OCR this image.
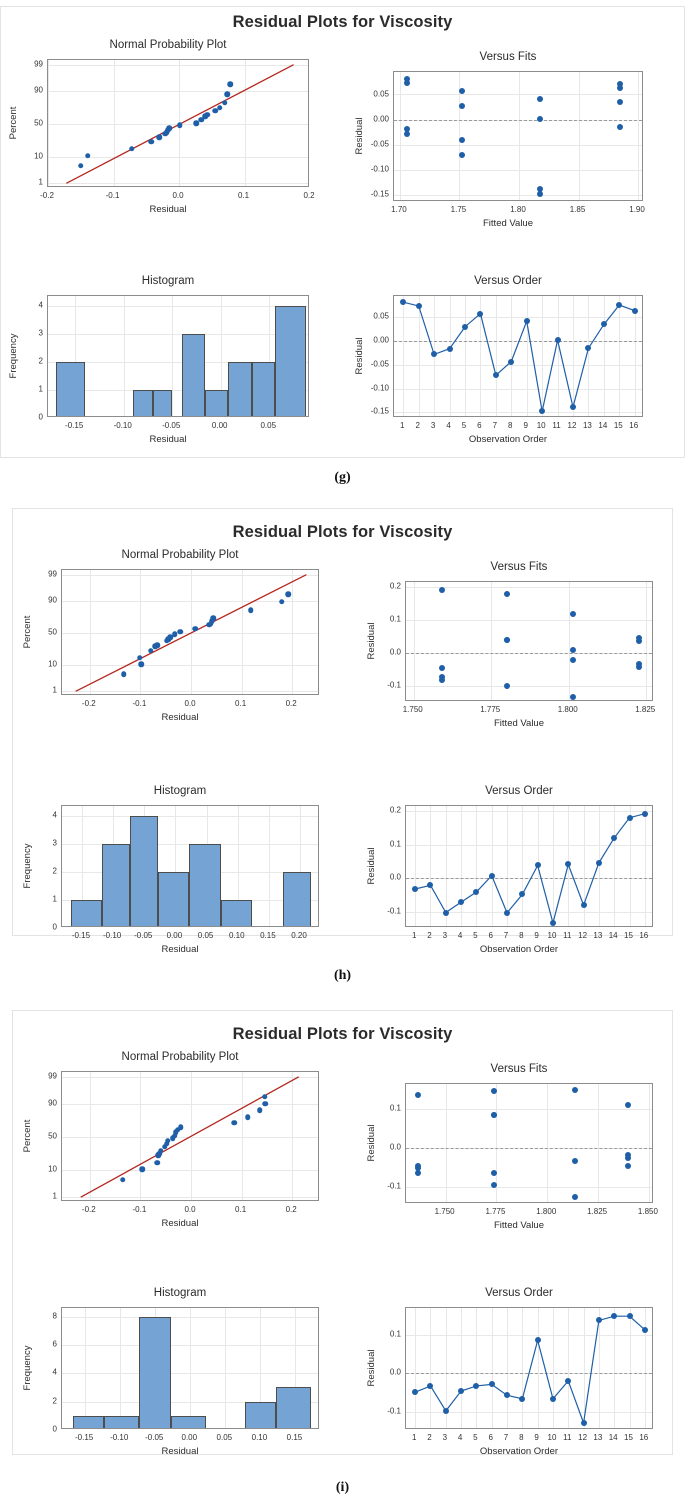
Residual Plots for Viscosity
Normal Probability Plot
-0.2	-0.1	0.0	0.1	0.2
1
10
50
90
99
Residual
Percent
Versus Fits
1.70	1.75	1.80	1.85	1.90
-0.15
-0.10
-0.05
0.00
0.05
Fitted Value
Residual
Histogram
-0.15	-0.10	-0.05	0.00	0.05
0
1
2
3
4
Residual
Frequency
Versus Order
1 2 3 4 5 6 7 8 9 10 11 12 13 14 15 16
-0.15
-0.10
-0.05
0.00
0.05
Observation Order
Residual
(g)
Residual Plots for Viscosity
Normal Probability Plot
-0.2	-0.1	0.0	0.1	0.2
1
10
50
90
99
Residual
Percent
Versus Fits
1.750	1.775	1.800	1.825
-0.1
0.0
0.1
0.2
Fitted Value
Residual
Histogram
-0.15 -0.10 -0.05 0.00 0.05 0.10 0.15 0.20
0
1
2
3
4
Residual
Frequency
Versus Order
1 2 3 4 5 6 7 8 9 10 11 12 13 14 15 16
-0.1
0.0
0.1
0.2
Observation Order
Residual
(h)
Residual Plots for Viscosity
Normal Probability Plot
-0.2	-0.1	0.0	0.1	0.2
1
10
50
90
99
Residual
Percent
Versus Fits
1.750	1.775	1.800	1.825	1.850
-0.1
0.0
0.1
Fitted Value
Residual
Histogram
-0.15 -0.10 -0.05 0.00 0.05 0.10 0.15
0
2
4
6
8
Residual
Frequency
Versus Order
1 2 3 4 5 6 7 8 9 10 11 12 13 14 15 16
-0.1
0.0
0.1
Observation Order
Residual
(i)
